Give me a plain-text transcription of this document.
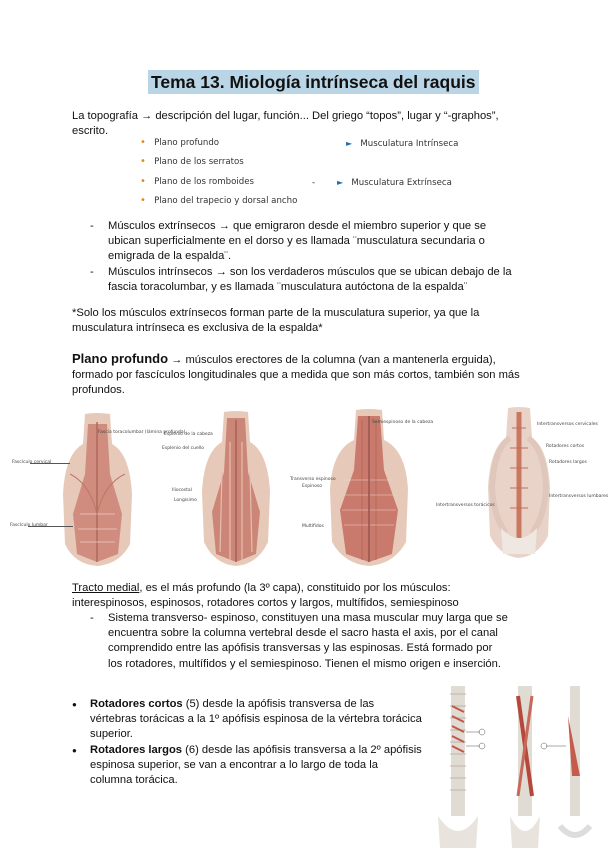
Tema 13. Miología intrínseca del raquis
La topografía → descripción del lugar, función... Del griego “topos”, lugar y “-graphos”, escrito.
• Plano profundo
• Plano de los serratos
• Plano de los romboides
• Plano del trapecio y dorsal ancho
► Musculatura Intrínseca
-        ► Musculatura Extrínseca
- Músculos extrínsecos → que emigraron desde el miembro superior y que se ubican superficialmente en el dorso y es llamada ¨musculatura secundaria o emigrada de la espalda¨.
- Músculos intrínsecos → son los verdaderos músculos que se ubican debajo de la fascia toracolumbar, y es llamada ¨musculatura autóctona de la espalda¨
*Solo los músculos extrínsecos forman parte de la musculatura superior, ya que la musculatura intrínseca es exclusiva de la espalda*
Plano profundo → músculos erectores de la columna (van a mantenerla erguida), formado por fascículos longitudinales que a medida que son más cortos, también son más profundos.
Fascia toracolumbar (lámina profunda)
Fascículo cervical
Fascículo lumbar
Esplenio de la cabeza
Esplenio del cuello
Iliocostal
Longísimo
Semiespinoso de la cabeza
Transverso espinoso
Espinoso
Multífidos
Intertransversos cervicales
Rotadores cortos
Rotadores largos
Intertransversos torácicos
Intertransversos lumbares
Tracto medial, es el más profundo (la 3º capa), constituido por los músculos: interespinosos, espinosos, rotadores cortos y largos, multífidos, semiespinoso
- Sistema transverso- espinoso, constituyen una masa muscular muy larga que se encuentra sobre la columna vertebral desde el sacro hasta el axis, por el canal comprendido entre las apófisis transversas y las espinosas. Está formado por los rotadores, multífidos y el semiespinoso. Tienen el mismo origen e inserción.
● Rotadores cortos (5) desde la apófisis transversa de las vértebras torácicas a la 1º apófisis espinosa de la vértebra torácica superior.
● Rotadores largos (6) desde las apófisis transversa a la 2º apófisis espinosa superior, se van a encontrar a lo largo de toda la columna torácica.
